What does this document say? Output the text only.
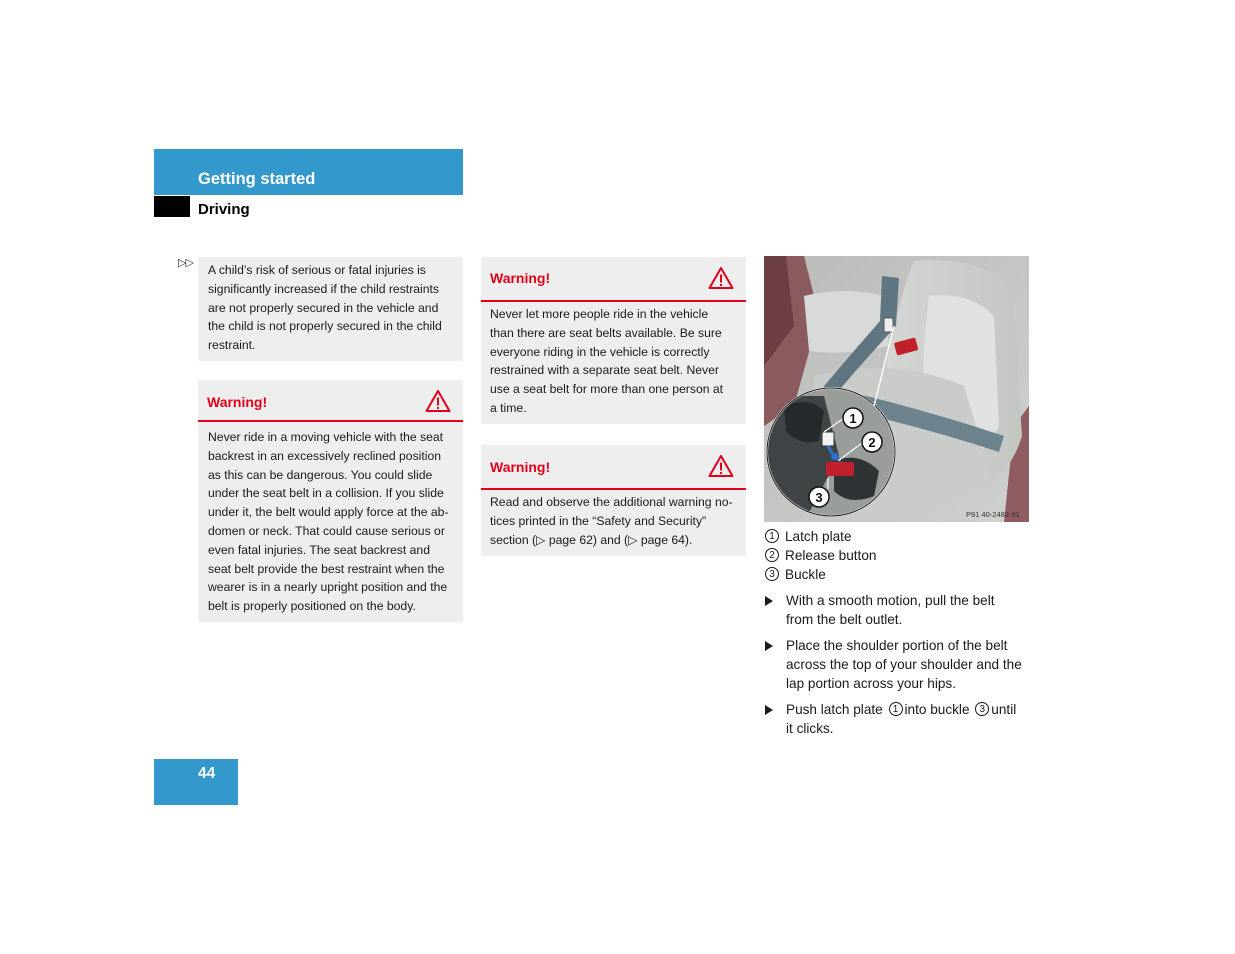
Getting started
Driving
▷▷ A child’s risk of serious or fatal injuries is significantly increased if the child restraints are not properly secured in the vehicle and the child is not properly secured in the child restraint.
Warning!
Never ride in a moving vehicle with the seat
backrest in an excessively reclined position
as this can be dangerous. You could slide
under the seat belt in a collision. If you slide
under it, the belt would apply force at the ab-
domen or neck. That could cause serious or
even fatal injuries. The seat backrest and
seat belt provide the best restraint when the
wearer is in a nearly upright position and the
belt is properly positioned on the body.
Warning!
Never let more people ride in the vehicle
than there are seat belts available. Be sure
everyone riding in the vehicle is correctly
restrained with a separate seat belt. Never
use a seat belt for more than one person at
a time.
Warning!
Read and observe the additional warning no-
tices printed in the “Safety and Security”
section (▷ page 62) and (▷ page 64).
1
2
3
P91 40-2482-31
1 Latch plate
2 Release button
3 Buckle
With a smooth motion, pull the belt
from the belt outlet.
Place the shoulder portion of the belt
across the top of your shoulder and the
lap portion across your hips.
Push latch plate 1 into buckle 3 until
it clicks.
44
